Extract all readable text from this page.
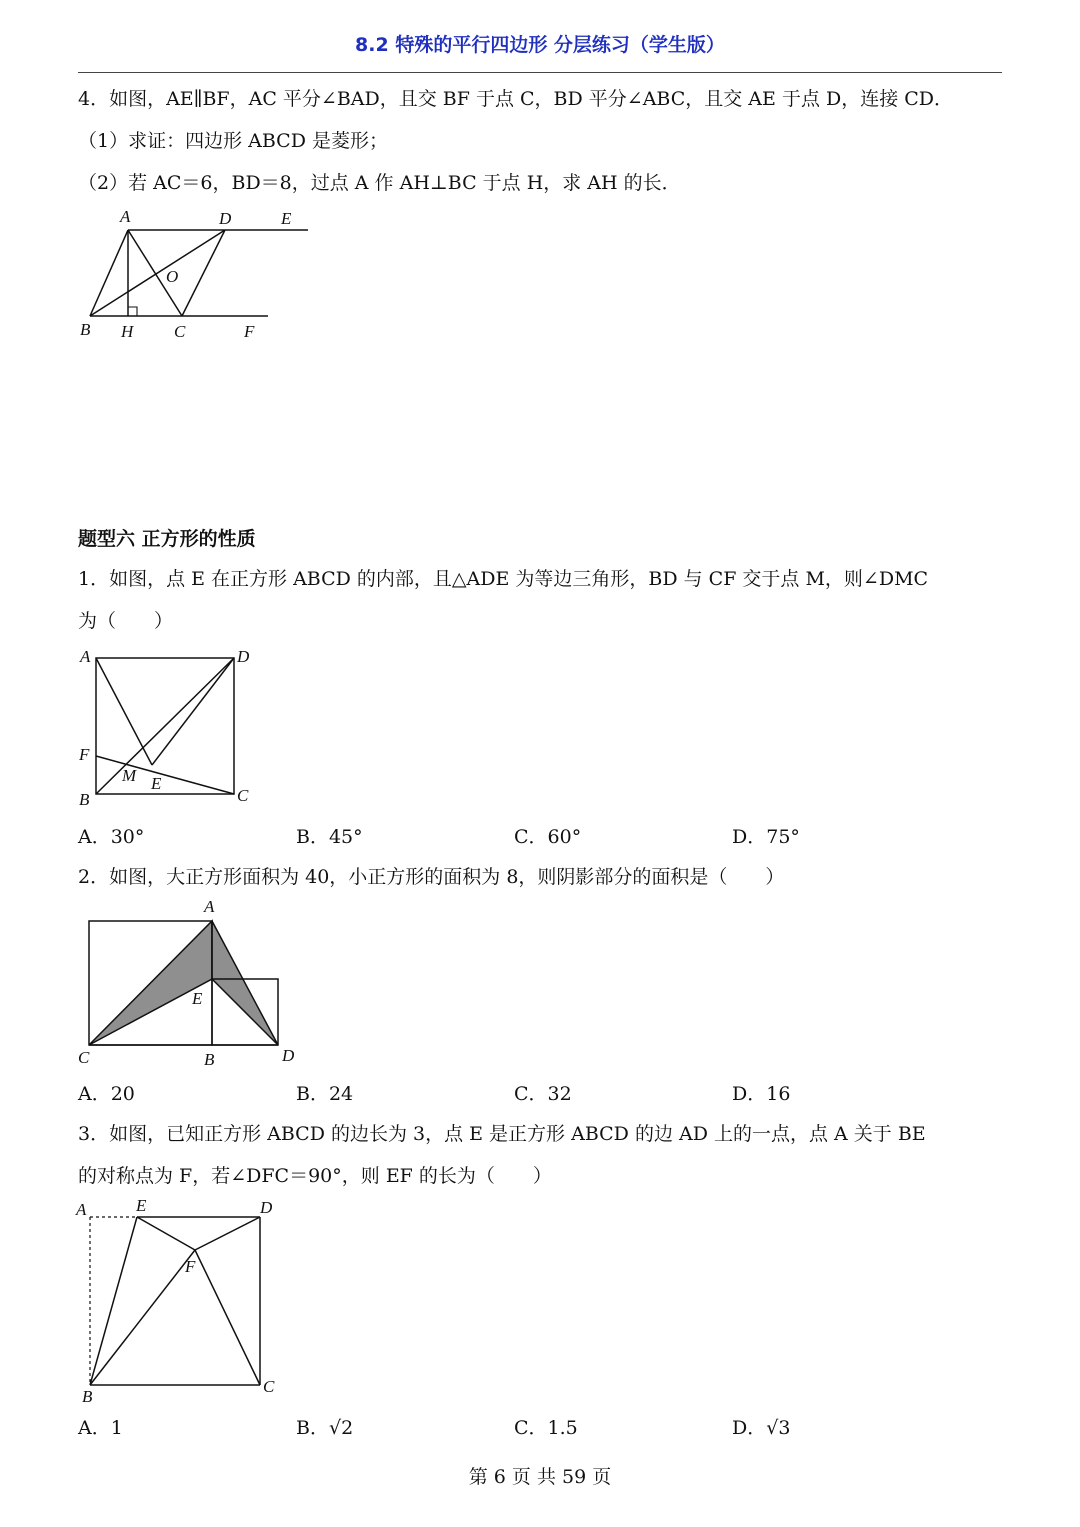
8.2 特殊的平行四边形 分层练习（学生版）
4．如图，AE∥BF，AC 平分∠BAD，且交 BF 于点 C，BD 平分∠ABC，且交 AE 于点 D，连接 CD．
（1）求证：四边形 ABCD 是菱形；
（2）若 AC＝6，BD＝8，过点 A 作 AH⊥BC 于点 H，求 AH 的长．
A	D	E
O
B H C	F
题型六 正方形的性质
1．如图，点 E 在正方形 ABCD 的内部，且△ADE 为等边三角形，BD 与 CF 交于点 M，则∠DMC
为（　　）
A	D
F
M E
B	C
A．30°	B．45°	C．60°	D．75°
2．如图，大正方形面积为 40，小正方形的面积为 8，则阴影部分的面积是（　　）
A
E
C	B	D
A．20	B．24	C．32	D．16
3．如图，已知正方形 ABCD 的边长为 3，点 E 是正方形 ABCD 的边 AD 上的一点，点 A 关于 BE
的对称点为 F，若∠DFC＝90°，则 EF 的长为（　　）
A	E	D
F
B
C
A．1	B．√2	C．1.5	D．√3
第 6 页 共 59 页
